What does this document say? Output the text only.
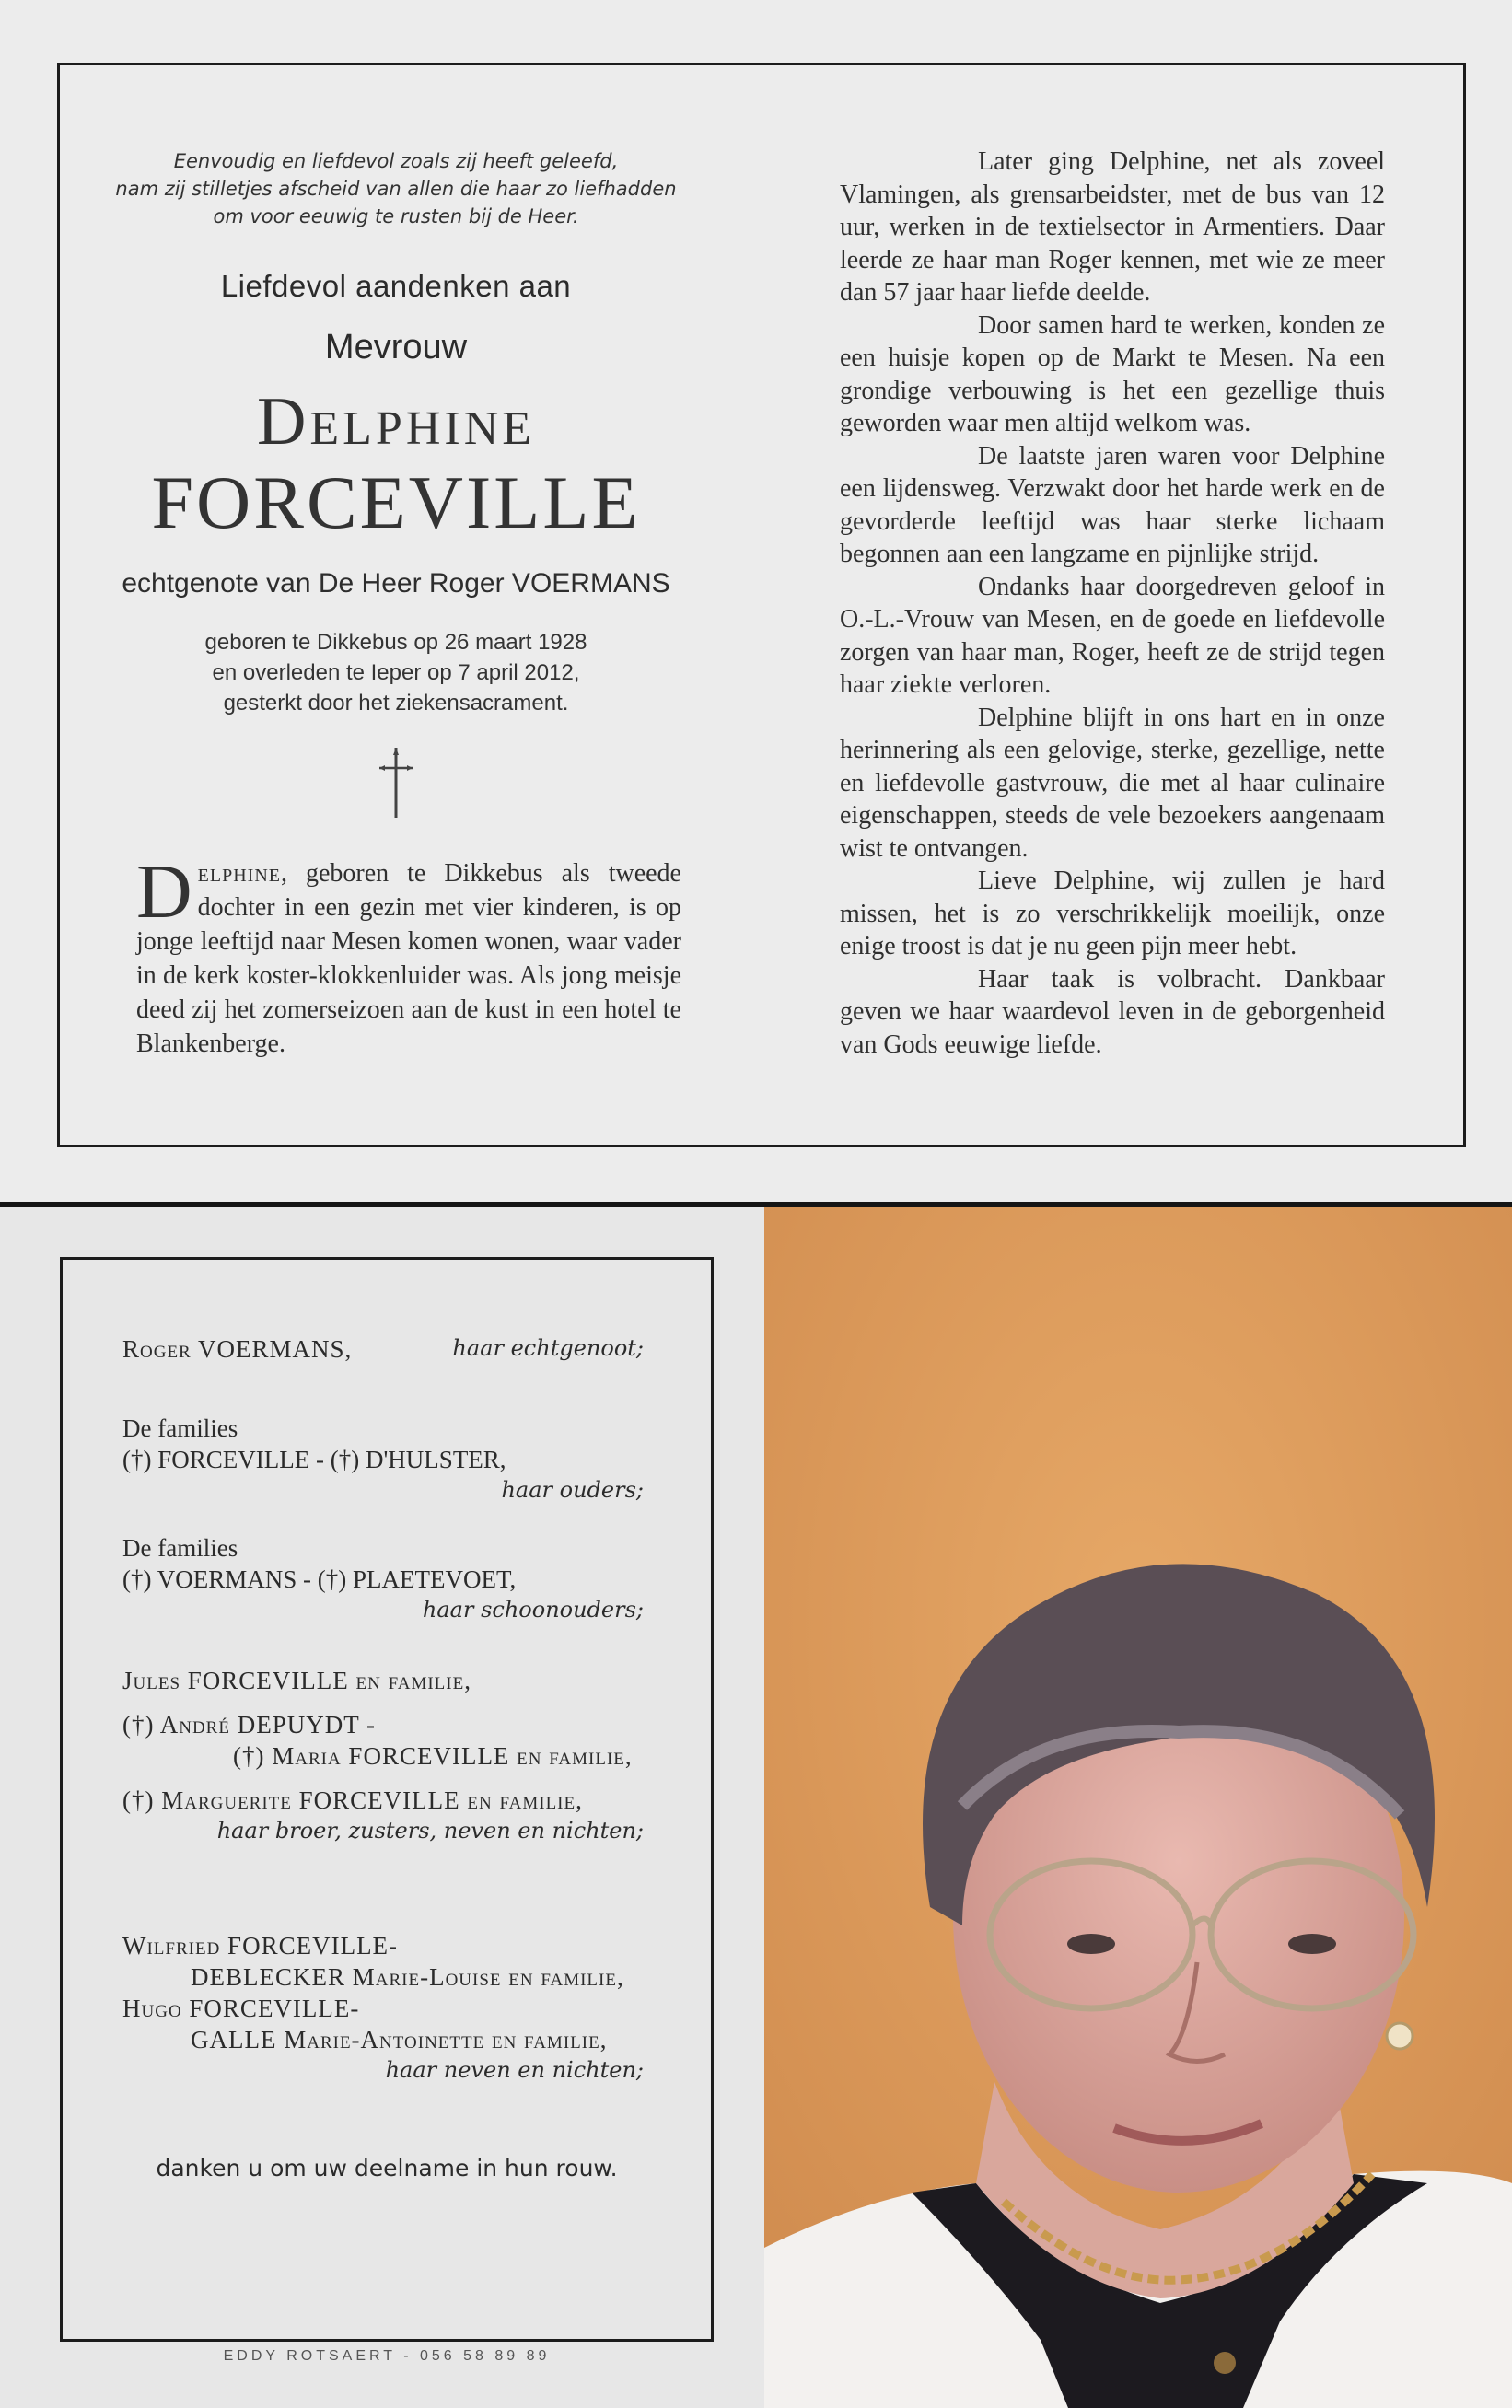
Eenvoudig en liefdevol zoals zij heeft geleefd,
nam zij stilletjes afscheid van allen die haar zo liefhadden
om voor eeuwig te rusten bij de Heer.
Liefdevol aandenken aan
Mevrouw
Delphine
FORCEVILLE
echtgenote van De Heer Roger VOERMANS
geboren te Dikkebus op 26 maart 1928
en overleden te Ieper op 7 april 2012,
gesterkt door het ziekensacrament.
Delphine, geboren te Dikkebus als tweede dochter in een gezin met vier kinderen, is op jonge leeftijd naar Mesen komen wonen, waar vader in de kerk koster-klokkenluider was. Als jong meisje deed zij het zomerseizoen aan de kust in een hotel te Blankenberge.

Later ging Delphine, net als zoveel Vlamingen, als grensarbeidster, met de bus van 12 uur, werken in de textielsector in Armentiers. Daar leerde ze haar man Roger kennen, met wie ze meer dan 57 jaar haar liefde deelde.

Door samen hard te werken, konden ze een huisje kopen op de Markt te Mesen. Na een grondige verbouwing is het een gezellige thuis geworden waar men altijd welkom was.

De laatste jaren waren voor Delphine een lijdensweg. Verzwakt door het harde werk en de gevorderde leeftijd was haar sterke lichaam begonnen aan een langzame en pijnlijke strijd.

Ondanks haar doorgedreven geloof in O.-L.-Vrouw van Mesen, en de goede en liefdevolle zorgen van haar man, Roger, heeft ze de strijd tegen haar ziekte verloren.

Delphine blijft in ons hart en in onze herinnering als een gelovige, sterke, gezellige, nette en liefdevolle gastvrouw, die met al haar culinaire eigenschappen, steeds de vele bezoekers aangenaam wist te ontvangen.

Lieve Delphine, wij zullen je hard missen, het is zo verschrikkelijk moeilijk, onze enige troost is dat je nu geen pijn meer hebt.

Haar taak is volbracht. Dankbaar geven we haar waardevol leven in de geborgenheid van Gods eeuwige liefde.

Roger VOERMANS,	haar echtgenoot;
De families
(†) FORCEVILLE - (†) D'HULSTER,
haar ouders;
De families
(†) VOERMANS - (†) PLAETEVOET,
haar schoonouders;
Jules FORCEVILLE en familie,
(†) André DEPUYDT -
(†) Maria FORCEVILLE en familie,
(†) Marguerite FORCEVILLE en familie,
haar broer, zusters, neven en nichten;
Wilfried FORCEVILLE-
DEBLECKER Marie-Louise en familie,
Hugo FORCEVILLE-
GALLE Marie-Antoinette en familie,
haar neven en nichten;
danken u om uw deelname in hun rouw.
EDDY ROTSAERT - 056 58 89 89
